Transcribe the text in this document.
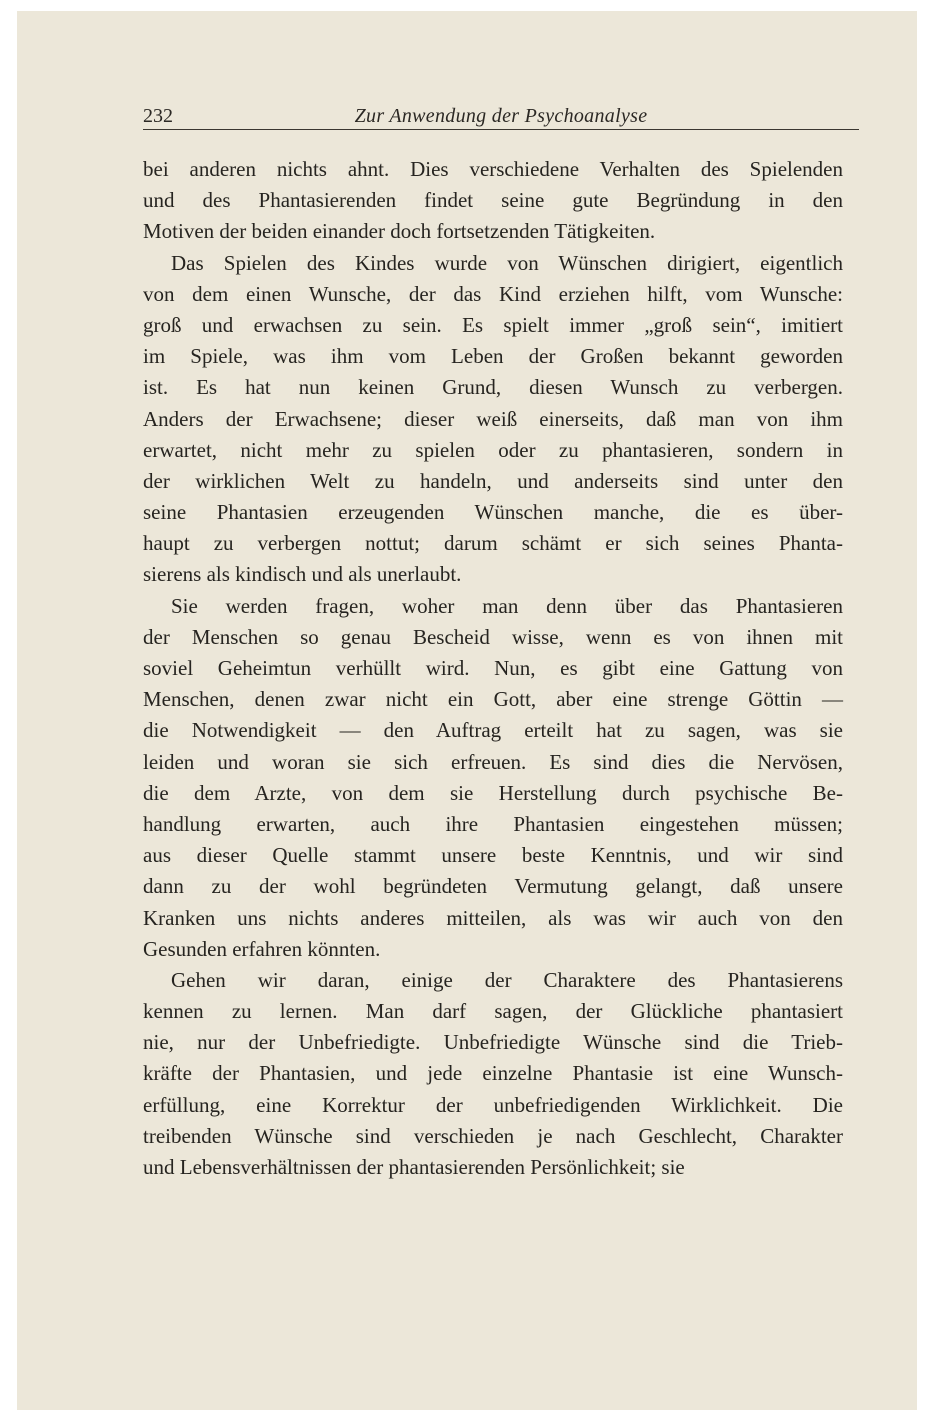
232	Zur Anwendung der Psychoanalyse
bei anderen nichts ahnt. Dies verschiedene Verhalten des Spielenden
und des Phantasierenden findet seine gute Begründung in den
Motiven der beiden einander doch fortsetzenden Tätigkeiten.
Das Spielen des Kindes wurde von Wünschen dirigiert, eigentlich
von dem einen Wunsche, der das Kind erziehen hilft, vom Wunsche:
groß und erwachsen zu sein. Es spielt immer „groß sein“, imitiert
im Spiele, was ihm vom Leben der Großen bekannt geworden
ist. Es hat nun keinen Grund, diesen Wunsch zu verbergen.
Anders der Erwachsene; dieser weiß einerseits, daß man von ihm
erwartet, nicht mehr zu spielen oder zu phantasieren, sondern in
der wirklichen Welt zu handeln, und anderseits sind unter den
seine Phantasien erzeugenden Wünschen manche, die es über-
haupt zu verbergen nottut; darum schämt er sich seines Phanta-
sierens als kindisch und als unerlaubt.
Sie werden fragen, woher man denn über das Phantasieren
der Menschen so genau Bescheid wisse, wenn es von ihnen mit
soviel Geheimtun verhüllt wird. Nun, es gibt eine Gattung von
Menschen, denen zwar nicht ein Gott, aber eine strenge Göttin —
die Notwendigkeit — den Auftrag erteilt hat zu sagen, was sie
leiden und woran sie sich erfreuen. Es sind dies die Nervösen,
die dem Arzte, von dem sie Herstellung durch psychische Be-
handlung erwarten, auch ihre Phantasien eingestehen müssen;
aus dieser Quelle stammt unsere beste Kenntnis, und wir sind
dann zu der wohl begründeten Vermutung gelangt, daß unsere
Kranken uns nichts anderes mitteilen, als was wir auch von den
Gesunden erfahren könnten.
Gehen wir daran, einige der Charaktere des Phantasierens
kennen zu lernen. Man darf sagen, der Glückliche phantasiert
nie, nur der Unbefriedigte. Unbefriedigte Wünsche sind die Trieb-
kräfte der Phantasien, und jede einzelne Phantasie ist eine Wunsch-
erfüllung, eine Korrektur der unbefriedigenden Wirklichkeit. Die
treibenden Wünsche sind verschieden je nach Geschlecht, Charakter
und Lebensverhältnissen der phantasierenden Persönlichkeit; sie
